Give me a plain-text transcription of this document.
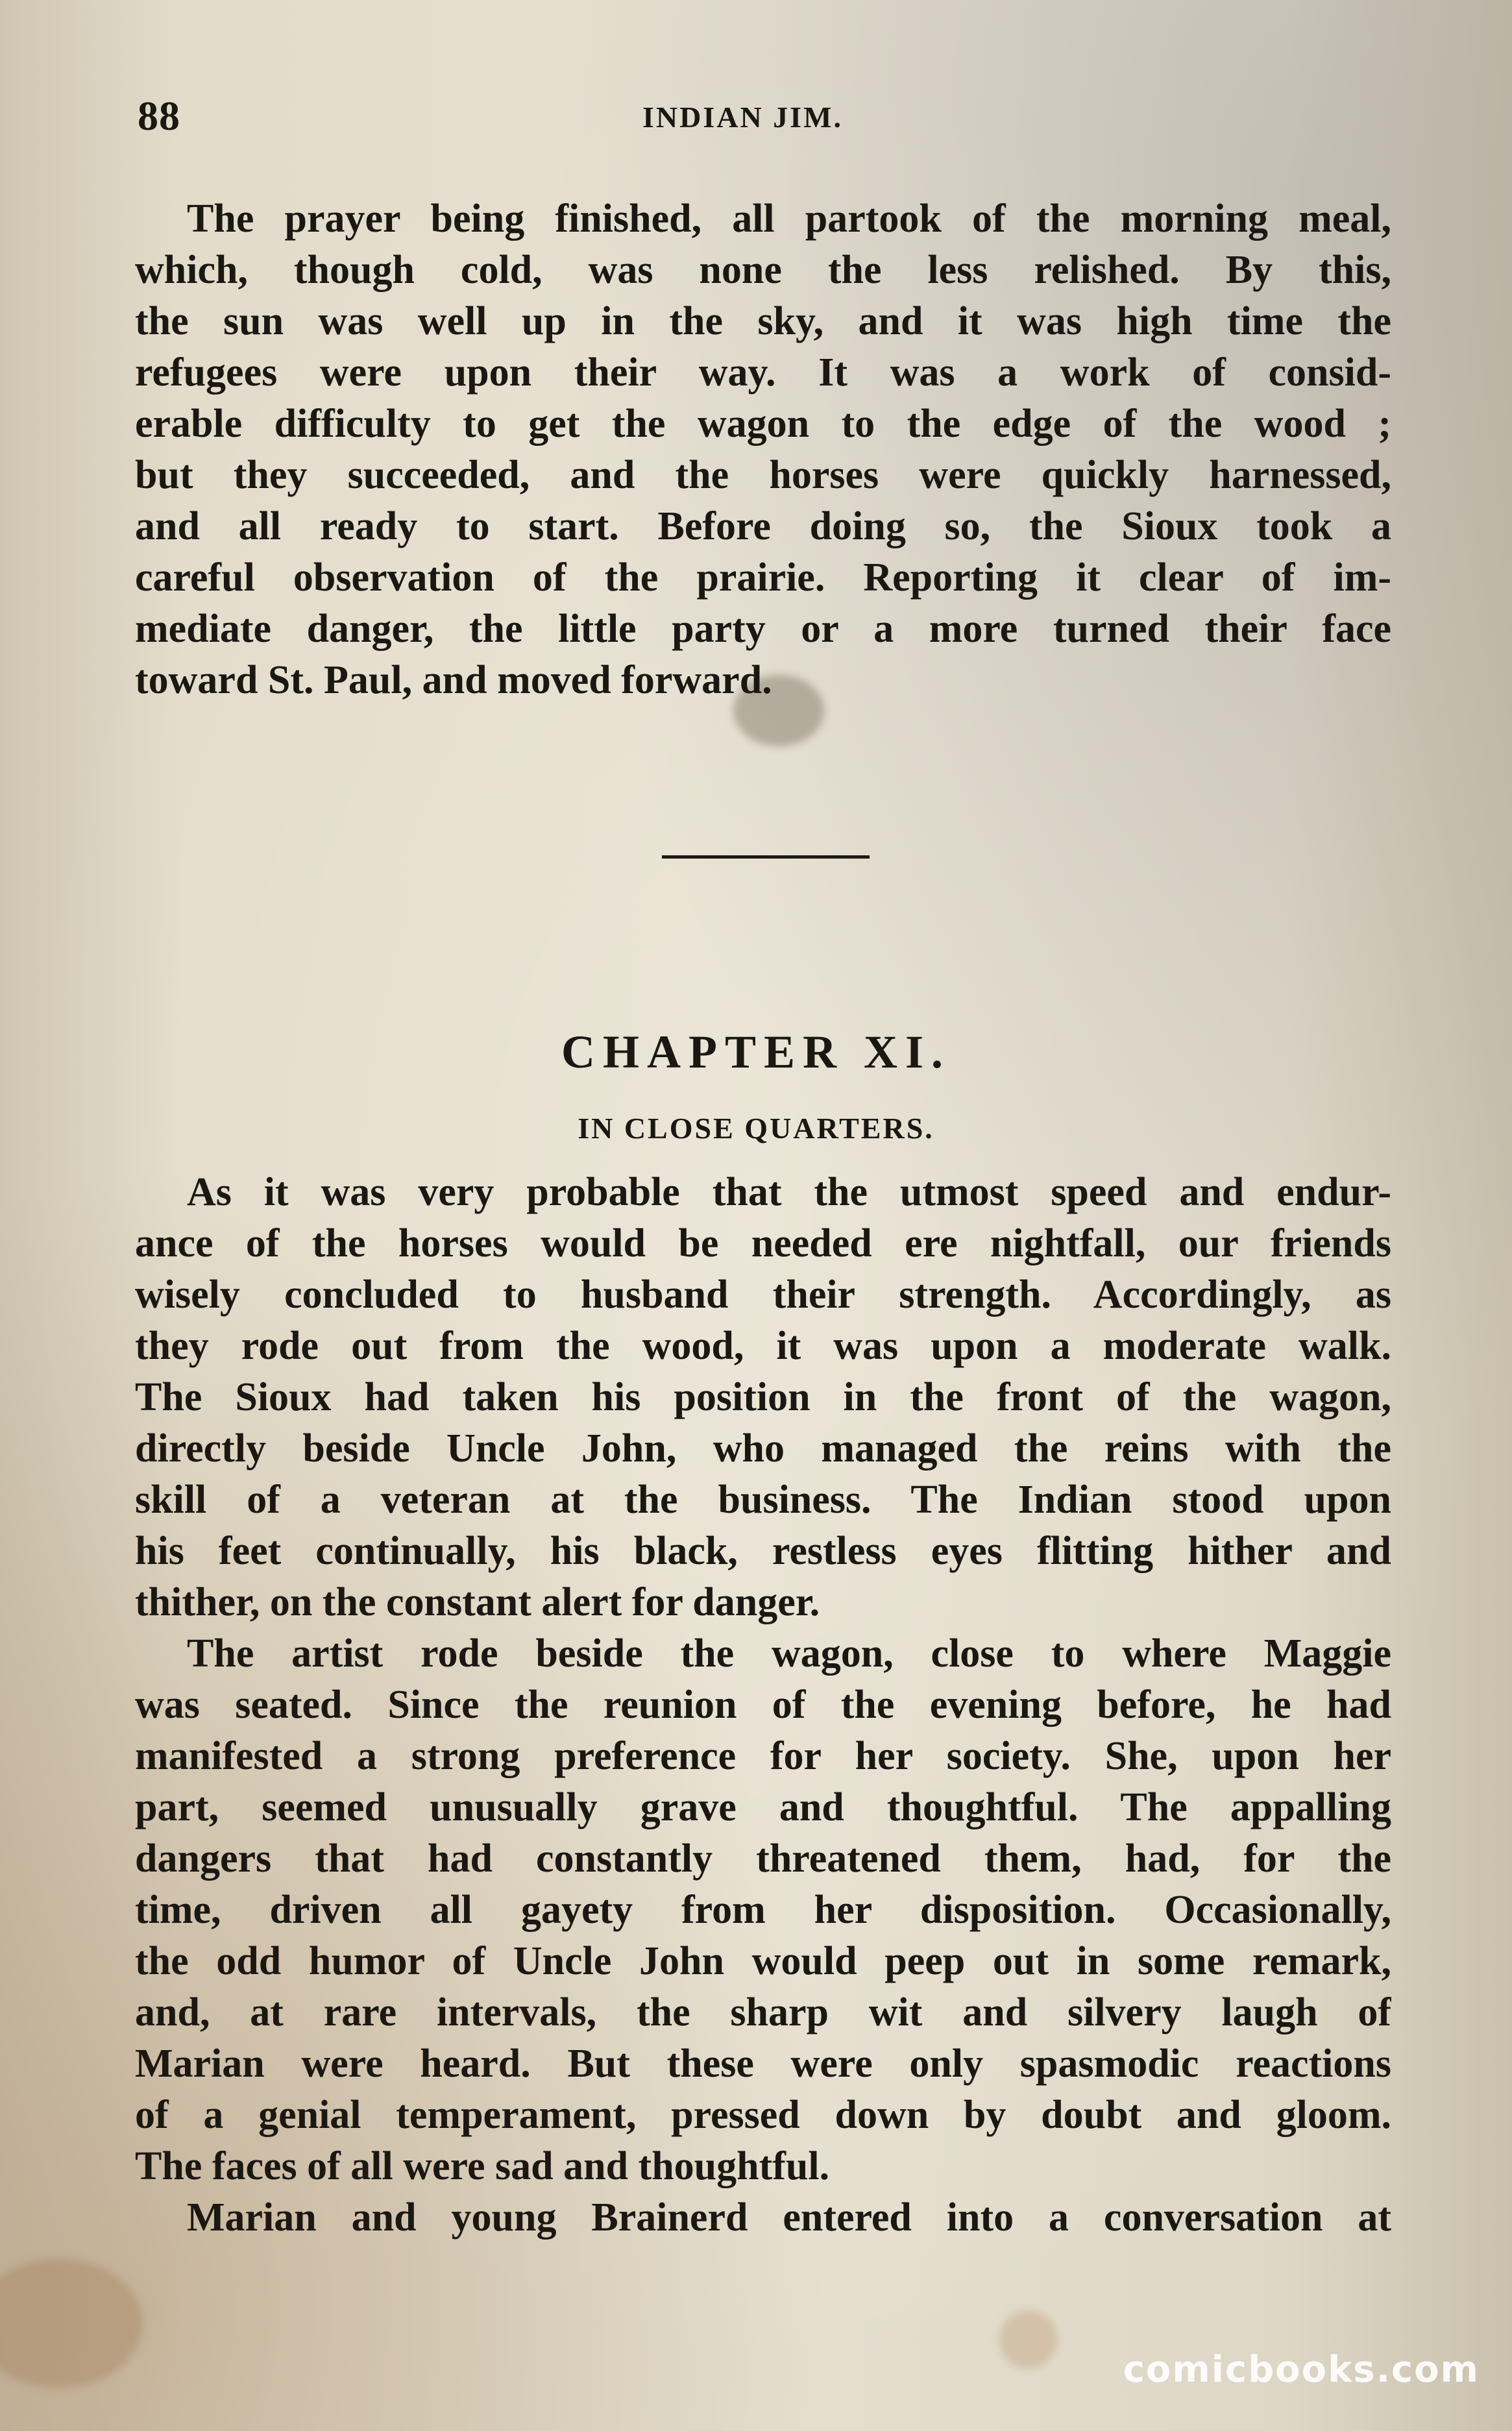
88	INDIAN JIM.
The prayer being finished, all partook of the morning meal,
which, though cold, was none the less relished. By this,
the sun was well up in the sky, and it was high time the
refugees were upon their way. It was a work of consid-
erable difficulty to get the wagon to the edge of the wood ;
but they succeeded, and the horses were quickly harnessed,
and all ready to start. Before doing so, the Sioux took a
careful observation of the prairie. Reporting it clear of im-
mediate danger, the little party or a more turned their face
toward St. Paul, and moved forward.
CHAPTER XI.
IN CLOSE QUARTERS.
As it was very probable that the utmost speed and endur-
ance of the horses would be needed ere nightfall, our friends
wisely concluded to husband their strength. Accordingly, as
they rode out from the wood, it was upon a moderate walk.
The Sioux had taken his position in the front of the wagon,
directly beside Uncle John, who managed the reins with the
skill of a veteran at the business. The Indian stood upon
his feet continually, his black, restless eyes flitting hither and
thither, on the constant alert for danger.
The artist rode beside the wagon, close to where Maggie
was seated. Since the reunion of the evening before, he had
manifested a strong preference for her society. She, upon her
part, seemed unusually grave and thoughtful. The appalling
dangers that had constantly threatened them, had, for the
time, driven all gayety from her disposition. Occasionally,
the odd humor of Uncle John would peep out in some remark,
and, at rare intervals, the sharp wit and silvery laugh of
Marian were heard. But these were only spasmodic reactions
of a genial temperament, pressed down by doubt and gloom.
The faces of all were sad and thoughtful.
Marian and young Brainerd entered into a conversation at
comicbooks.com
